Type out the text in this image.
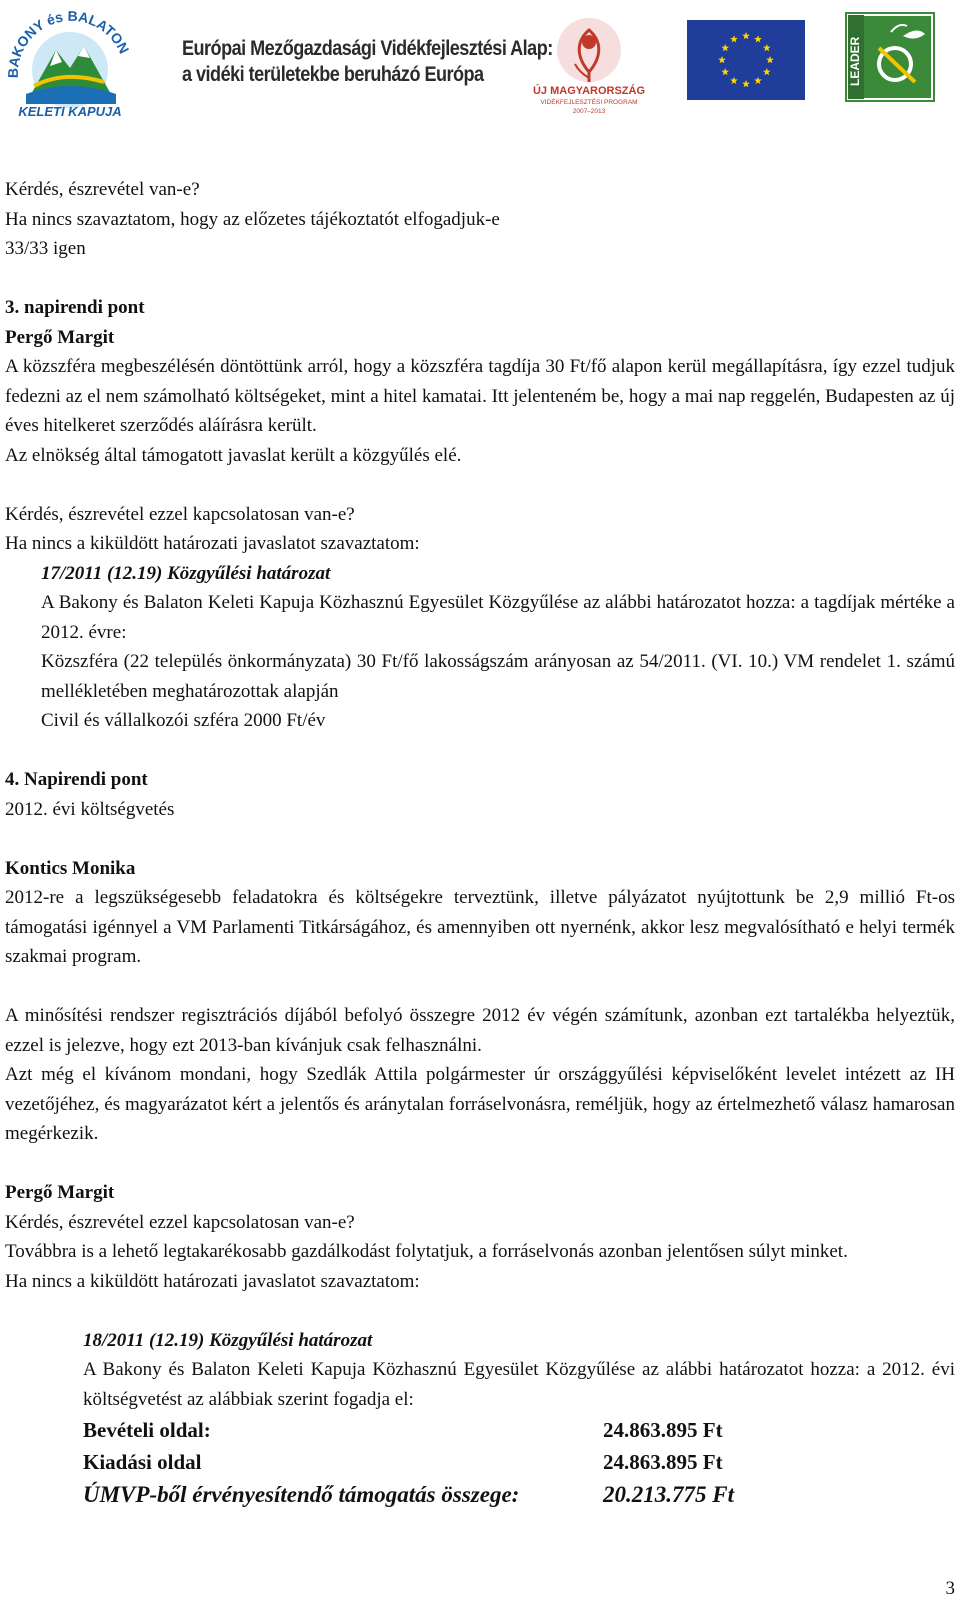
BAKONY és BALATON
KELETI KAPUJA
Európai Mezőgazdasági Vidékfejlesztési Alap:
a vidéki területekbe beruházó Európa
ÚJ MAGYARORSZÁG
VIDÉKFEJLESZTÉSI PROGRAM
2007–2013
LEADER
Kérdés, észrevétel van-e?
Ha nincs szavaztatom, hogy az előzetes tájékoztatót elfogadjuk-e
33/33 igen
3. napirendi pont
Pergő Margit
A közszféra megbeszélésén döntöttünk arról, hogy a közszféra tagdíja 30 Ft/fő alapon kerül megállapításra, így ezzel tudjuk fedezni az el nem számolható költségeket, mint a hitel kamatai. Itt jelenteném be, hogy a mai nap reggelén, Budapesten az új éves hitelkeret szerződés aláírásra került.
Az elnökség által támogatott javaslat került a közgyűlés elé.
Kérdés, észrevétel ezzel kapcsolatosan van-e?
Ha nincs a kiküldött határozati javaslatot szavaztatom:
17/2011 (12.19) Közgyűlési határozat
A Bakony és Balaton Keleti Kapuja Közhasznú Egyesület Közgyűlése az alábbi határozatot hozza: a tagdíjak mértéke a 2012. évre:
Közszféra (22 település önkormányzata) 30 Ft/fő lakosságszám arányosan az 54/2011. (VI. 10.) VM rendelet 1. számú mellékletében meghatározottak alapján
Civil és vállalkozói szféra 2000 Ft/év
4. Napirendi pont
2012. évi költségvetés
Kontics Monika
2012-re a legszükségesebb feladatokra és költségekre terveztünk, illetve pályázatot nyújtottunk be 2,9 millió Ft-os támogatási igénnyel a VM Parlamenti Titkárságához, és amennyiben ott nyernénk, akkor lesz megvalósítható e helyi termék szakmai program.
A minősítési rendszer regisztrációs díjából befolyó összegre 2012 év végén számítunk, azonban ezt tartalékba helyeztük, ezzel is jelezve, hogy ezt 2013-ban kívánjuk csak felhasználni.
Azt még el kívánom mondani, hogy Szedlák Attila polgármester úr országgyűlési képviselőként levelet intézett az IH vezetőjéhez, és magyarázatot kért a jelentős és aránytalan forráselvonásra, reméljük, hogy az értelmezhető válasz hamarosan megérkezik.
Pergő Margit
Kérdés, észrevétel ezzel kapcsolatosan van-e?
Továbbra is a lehető legtakarékosabb gazdálkodást folytatjuk, a forráselvonás azonban jelentősen súlyt minket.
Ha nincs a kiküldött határozati javaslatot szavaztatom:
18/2011 (12.19) Közgyűlési határozat
A Bakony és Balaton Keleti Kapuja Közhasznú Egyesület Közgyűlése az alábbi határozatot hozza: a 2012. évi költségvetést az alábbiak szerint fogadja el:
Bevételi oldal:	24.863.895 Ft
Kiadási oldal	24.863.895 Ft
ÚMVP-ből érvényesítendő támogatás összege:	20.213.775 Ft
3
